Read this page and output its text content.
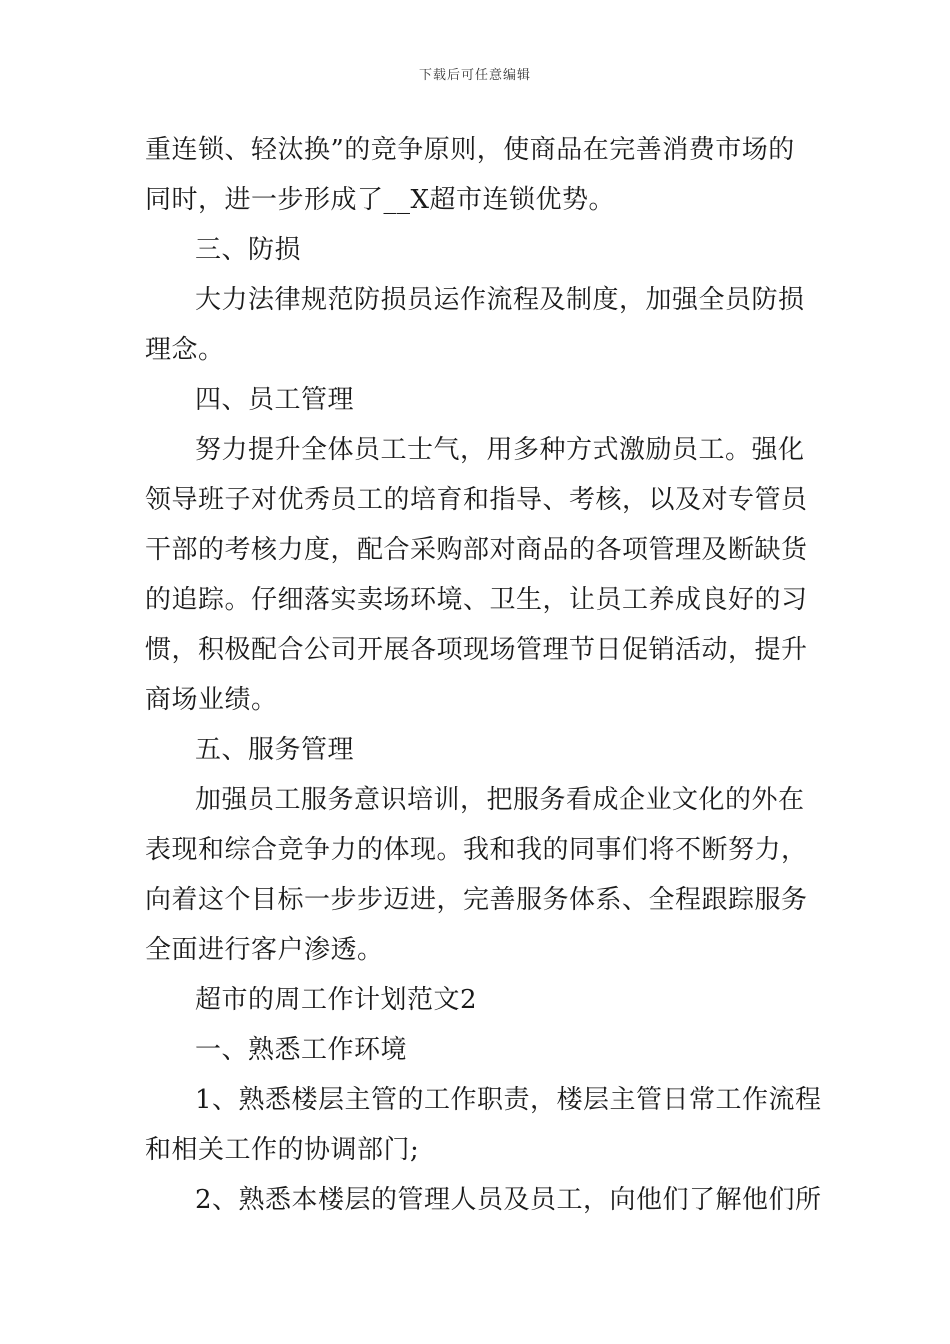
下载后可任意编辑
重连锁、轻汰换”的竞争原则，使商品在完善消费市场的
同时，进一步形成了__X超市连锁优势。
三、防损
大力法律规范防损员运作流程及制度，加强全员防损
理念。
四、员工管理
努力提升全体员工士气，用多种方式激励员工。强化
领导班子对优秀员工的培育和指导、考核，以及对专管员
干部的考核力度，配合采购部对商品的各项管理及断缺货
的追踪。仔细落实卖场环境、卫生，让员工养成良好的习
惯，积极配合公司开展各项现场管理节日促销活动，提升
商场业绩。
五、服务管理
加强员工服务意识培训，把服务看成企业文化的外在
表现和综合竞争力的体现。我和我的同事们将不断努力，
向着这个目标一步步迈进，完善服务体系、全程跟踪服务
全面进行客户渗透。
超市的周工作计划范文2
一、熟悉工作环境
1、熟悉楼层主管的工作职责，楼层主管日常工作流程
和相关工作的协调部门;
2、熟悉本楼层的管理人员及员工，向他们了解他们所
